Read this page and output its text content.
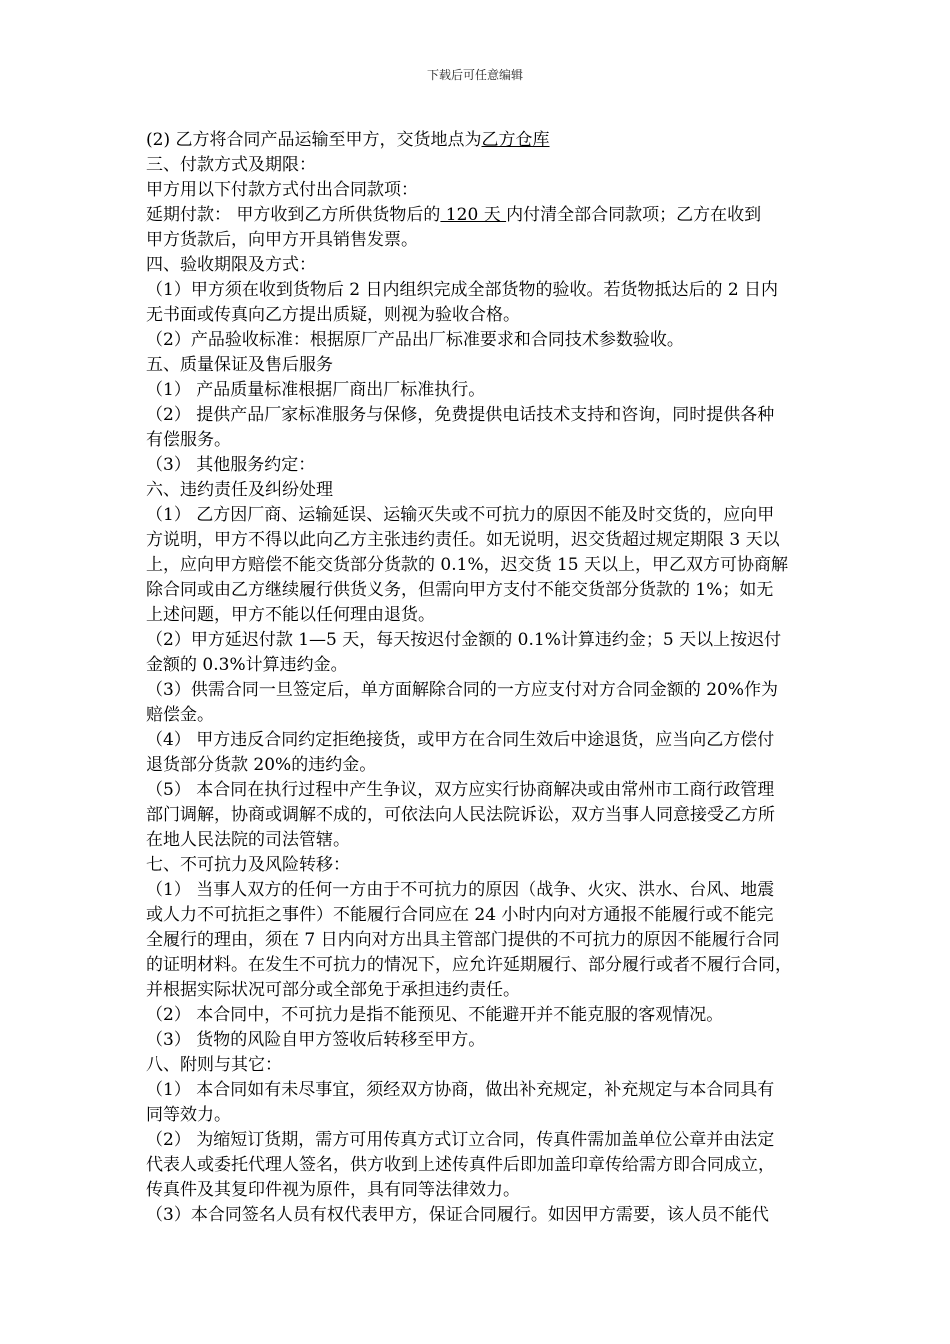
下载后可任意编辑
(2) 乙方将合同产品运输至甲方，交货地点为乙方仓库
三、付款方式及期限：
甲方用以下付款方式付出合同款项：
延期付款： 甲方收到乙方所供货物后的 120 天 内付清全部合同款项；乙方在收到
甲方货款后，向甲方开具销售发票。
四、验收期限及方式：
（1）甲方须在收到货物后 2 日内组织完成全部货物的验收。若货物抵达后的 2 日内
无书面或传真向乙方提出质疑，则视为验收合格。
（2）产品验收标准：根据原厂产品出厂标准要求和合同技术参数验收。
五、质量保证及售后服务
（1） 产品质量标准根据厂商出厂标准执行。
（2） 提供产品厂家标准服务与保修，免费提供电话技术支持和咨询，同时提供各种
有偿服务。
（3） 其他服务约定：
六、违约责任及纠纷处理
（1） 乙方因厂商、运输延误、运输灭失或不可抗力的原因不能及时交货的，应向甲
方说明，甲方不得以此向乙方主张违约责任。如无说明，迟交货超过规定期限 3 天以
上，应向甲方赔偿不能交货部分货款的 0.1%，迟交货 15 天以上，甲乙双方可协商解
除合同或由乙方继续履行供货义务，但需向甲方支付不能交货部分货款的 1%；如无
上述问题，甲方不能以任何理由退货。
（2）甲方延迟付款 1—5 天，每天按迟付金额的 0.1%计算违约金；5 天以上按迟付
金额的 0.3%计算违约金。
（3）供需合同一旦签定后，单方面解除合同的一方应支付对方合同金额的 20%作为
赔偿金。
（4） 甲方违反合同约定拒绝接货，或甲方在合同生效后中途退货，应当向乙方偿付
退货部分货款 20%的违约金。
（5） 本合同在执行过程中产生争议，双方应实行协商解决或由常州市工商行政管理
部门调解，协商或调解不成的，可依法向人民法院诉讼，双方当事人同意接受乙方所
在地人民法院的司法管辖。
七、不可抗力及风险转移：
（1） 当事人双方的任何一方由于不可抗力的原因（战争、火灾、洪水、台风、地震
或人力不可抗拒之事件）不能履行合同应在 24 小时内向对方通报不能履行或不能完
全履行的理由，须在 7 日内向对方出具主管部门提供的不可抗力的原因不能履行合同
的证明材料。在发生不可抗力的情况下，应允许延期履行、部分履行或者不履行合同，
并根据实际状况可部分或全部免于承担违约责任。
（2） 本合同中，不可抗力是指不能预见、不能避开并不能克服的客观情况。
（3） 货物的风险自甲方签收后转移至甲方。
八、附则与其它：
（1） 本合同如有未尽事宜，须经双方协商，做出补充规定，补充规定与本合同具有
同等效力。
（2） 为缩短订货期，需方可用传真方式订立合同，传真件需加盖单位公章并由法定
代表人或委托代理人签名，供方收到上述传真件后即加盖印章传给需方即合同成立，
传真件及其复印件视为原件，具有同等法律效力。
（3）本合同签名人员有权代表甲方，保证合同履行。如因甲方需要，该人员不能代
